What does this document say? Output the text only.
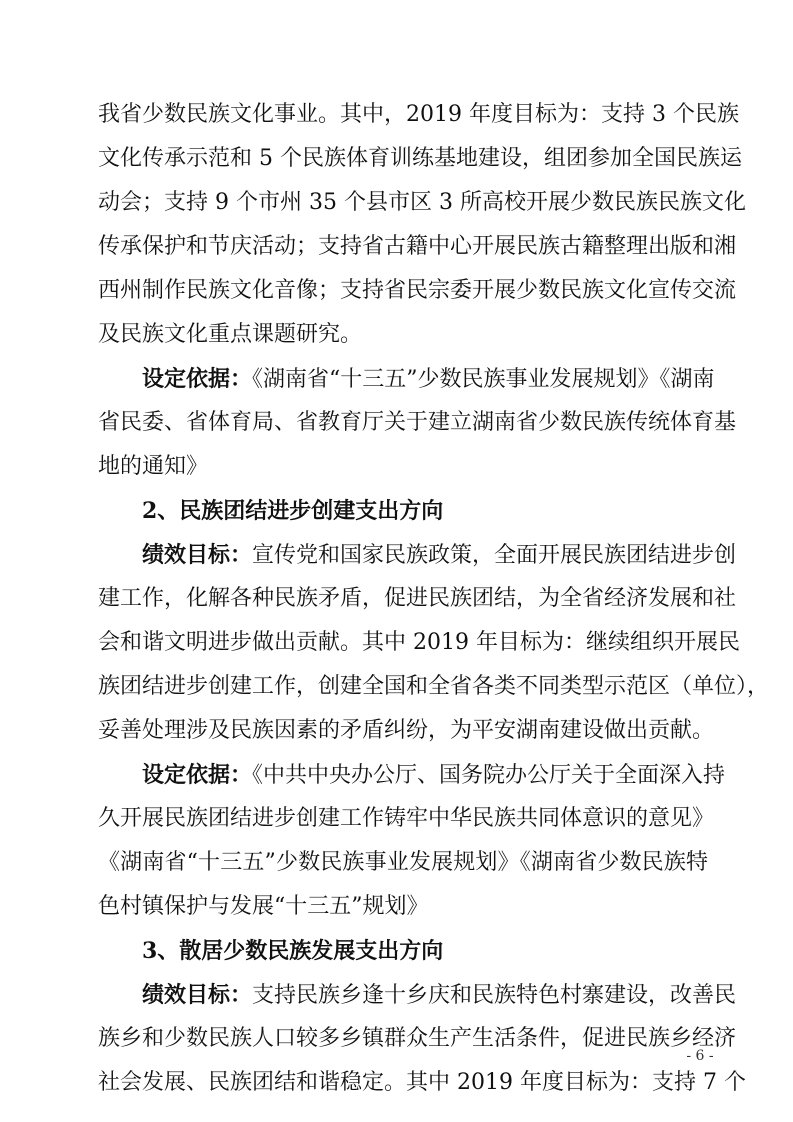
我省少数民族文化事业。其中，2019 年度目标为：支持 3 个民族
文化传承示范和 5 个民族体育训练基地建设，组团参加全国民族运
动会；支持 9 个市州 35 个县市区 3 所高校开展少数民族民族文化
传承保护和节庆活动；支持省古籍中心开展民族古籍整理出版和湘
西州制作民族文化音像；支持省民宗委开展少数民族文化宣传交流
及民族文化重点课题研究。
设定依据：《湖南省“十三五”少数民族事业发展规划》《湖南
省民委、省体育局、省教育厅关于建立湖南省少数民族传统体育基
地的通知》
2、民族团结进步创建支出方向
绩效目标：宣传党和国家民族政策，全面开展民族团结进步创
建工作，化解各种民族矛盾，促进民族团结，为全省经济发展和社
会和谐文明进步做出贡献。其中 2019 年目标为：继续组织开展民
族团结进步创建工作，创建全国和全省各类不同类型示范区（单位），
妥善处理涉及民族因素的矛盾纠纷，为平安湖南建设做出贡献。
设定依据：《中共中央办公厅、国务院办公厅关于全面深入持
久开展民族团结进步创建工作铸牢中华民族共同体意识的意见》
《湖南省“十三五”少数民族事业发展规划》《湖南省少数民族特
色村镇保护与发展“十三五”规划》
3、散居少数民族发展支出方向
绩效目标：支持民族乡逢十乡庆和民族特色村寨建设，改善民
族乡和少数民族人口较多乡镇群众生产生活条件，促进民族乡经济
社会发展、民族团结和谐稳定。其中 2019 年度目标为：支持 7 个
- 6 -
